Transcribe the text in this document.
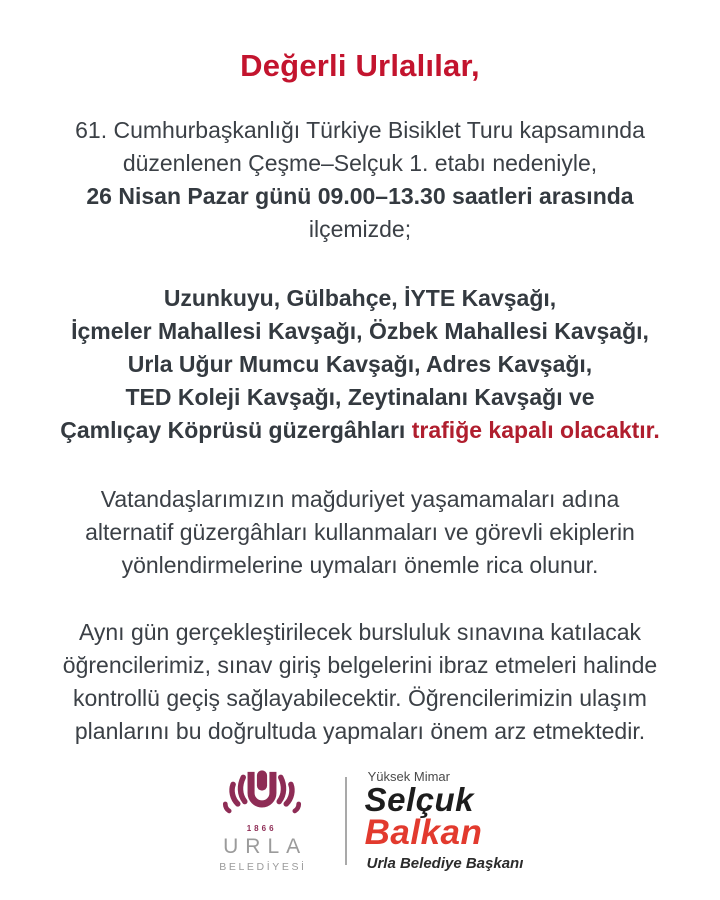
Değerli Urlalılar,

61. Cumhurbaşkanlığı Türkiye Bisiklet Turu kapsamında
düzenlenen Çeşme–Selçuk 1. etabı nedeniyle,
26 Nisan Pazar günü 09.00–13.30 saatleri arasında
ilçemizde;

Uzunkuyu, Gülbahçe, İYTE Kavşağı,
İçmeler Mahallesi Kavşağı, Özbek Mahallesi Kavşağı,
Urla Uğur Mumcu Kavşağı, Adres Kavşağı,
TED Koleji Kavşağı, Zeytinalanı Kavşağı ve
Çamlıçay Köprüsü güzergâhları trafiğe kapalı olacaktır.

Vatandaşlarımızın mağduriyet yaşamamaları adına
alternatif güzergâhları kullanmaları ve görevli ekiplerin
yönlendirmelerine uymaları önemle rica olunur.

Aynı gün gerçekleştirilecek bursluluk sınavına katılacak
öğrencilerimiz, sınav giriş belgelerini ibraz etmeleri halinde
kontrollü geçiş sağlayabilecektir. Öğrencilerimizin ulaşım
planlarını bu doğrultuda yapmaları önem arz etmektedir.

1866
URLA
BELEDİYESİ
Yüksek Mimar
Selçuk
Balkan
Urla Belediye Başkanı
